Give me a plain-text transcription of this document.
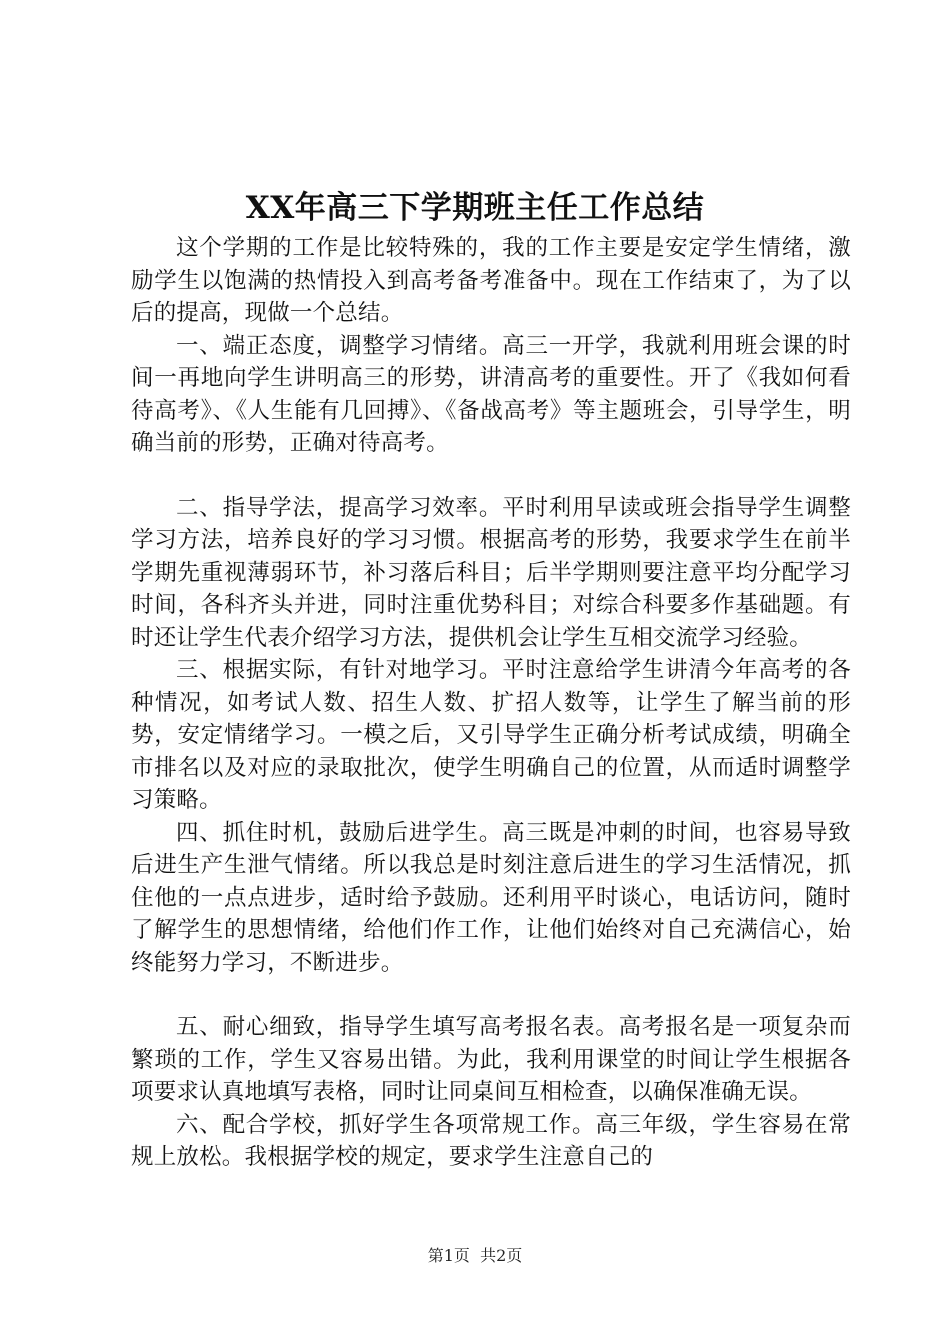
XX年高三下学期班主任工作总结

这个学期的工作是比较特殊的，我的工作主要是安定学生情绪，激励学生以饱满的热情投入到高考备考准备中。现在工作结束了，为了以后的提高，现做一个总结。

一、端正态度，调整学习情绪。高三一开学，我就利用班会课的时间一再地向学生讲明高三的形势，讲清高考的重要性。开了《我如何看待高考》、《人生能有几回搏》、《备战高考》等主题班会，引导学生，明确当前的形势，正确对待高考。

二、指导学法，提高学习效率。平时利用早读或班会指导学生调整学习方法，培养良好的学习习惯。根据高考的形势，我要求学生在前半学期先重视薄弱环节，补习落后科目；后半学期则要注意平均分配学习时间，各科齐头并进，同时注重优势科目；对综合科要多作基础题。有时还让学生代表介绍学习方法，提供机会让学生互相交流学习经验。

三、根据实际，有针对地学习。平时注意给学生讲清今年高考的各种情况，如考试人数、招生人数、扩招人数等，让学生了解当前的形势，安定情绪学习。一模之后，又引导学生正确分析考试成绩，明确全市排名以及对应的录取批次，使学生明确自己的位置，从而适时调整学习策略。

四、抓住时机，鼓励后进学生。高三既是冲刺的时间，也容易导致后进生产生泄气情绪。所以我总是时刻注意后进生的学习生活情况，抓住他的一点点进步，适时给予鼓励。还利用平时谈心，电话访问，随时了解学生的思想情绪，给他们作工作，让他们始终对自己充满信心，始终能努力学习，不断进步。

五、耐心细致，指导学生填写高考报名表。高考报名是一项复杂而繁琐的工作，学生又容易出错。为此，我利用课堂的时间让学生根据各项要求认真地填写表格，同时让同桌间互相检查，以确保准确无误。

六、配合学校，抓好学生各项常规工作。高三年级，学生容易在常规上放松。我根据学校的规定，要求学生注意自己的

第1页 共2页
